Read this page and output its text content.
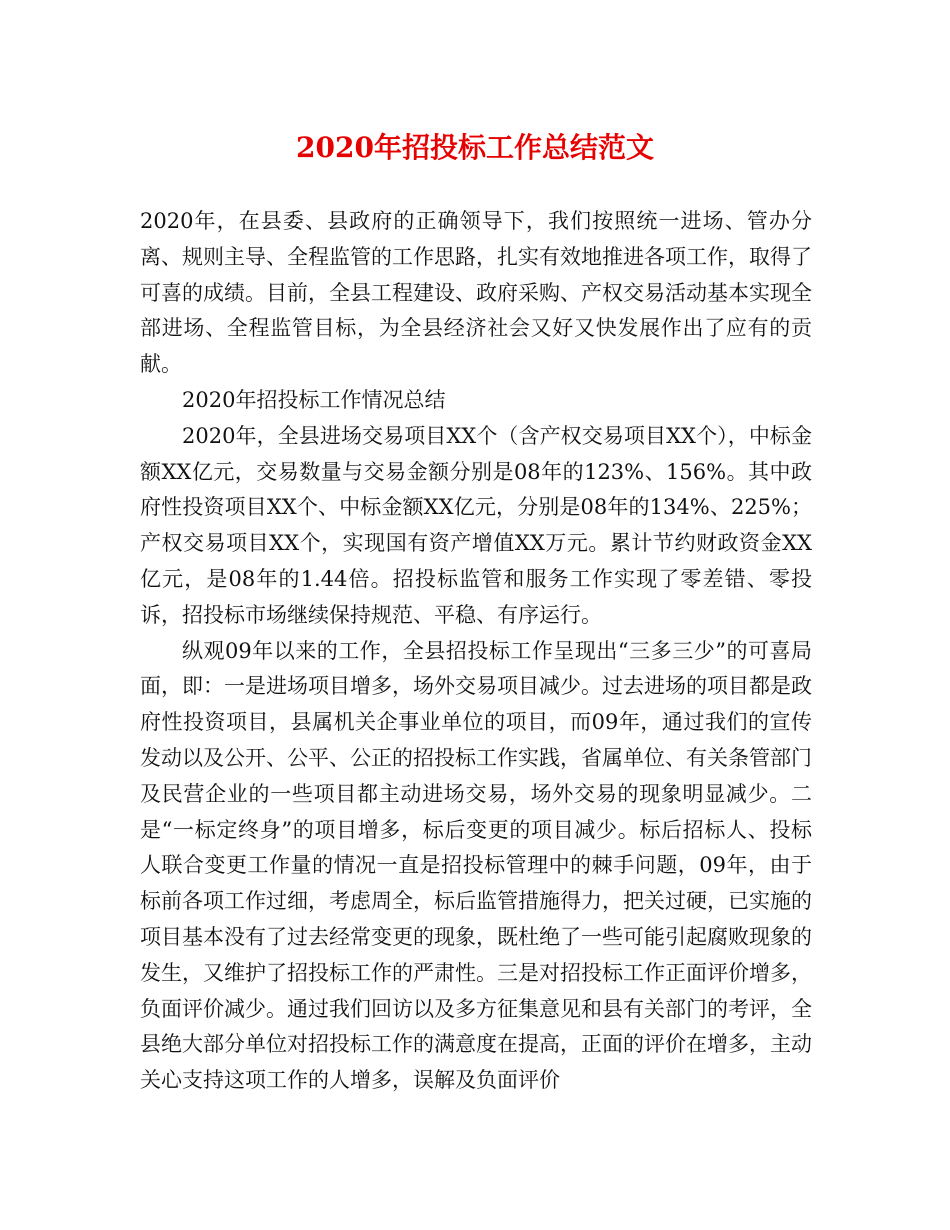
2020年招投标工作总结范文

2020年，在县委、县政府的正确领导下，我们按照统一进场、管办分离、规则主导、全程监管的工作思路，扎实有效地推进各项工作，取得了可喜的成绩。目前，全县工程建设、政府采购、产权交易活动基本实现全部进场、全程监管目标，为全县经济社会又好又快发展作出了应有的贡献。

2020年招投标工作情况总结

2020年，全县进场交易项目XX个（含产权交易项目XX个），中标金额XX亿元，交易数量与交易金额分别是08年的123%、156%。其中政府性投资项目XX个、中标金额XX亿元，分别是08年的134%、225%；产权交易项目XX个，实现国有资产增值XX万元。累计节约财政资金XX亿元，是08年的1.44倍。招投标监管和服务工作实现了零差错、零投诉，招投标市场继续保持规范、平稳、有序运行。

纵观09年以来的工作，全县招投标工作呈现出“三多三少”的可喜局面，即：一是进场项目增多，场外交易项目减少。过去进场的项目都是政府性投资项目，县属机关企事业单位的项目，而09年，通过我们的宣传发动以及公开、公平、公正的招投标工作实践，省属单位、有关条管部门及民营企业的一些项目都主动进场交易，场外交易的现象明显减少。二是“一标定终身”的项目增多，标后变更的项目减少。标后招标人、投标人联合变更工作量的情况一直是招投标管理中的棘手问题，09年，由于标前各项工作过细，考虑周全，标后监管措施得力，把关过硬，已实施的项目基本没有了过去经常变更的现象，既杜绝了一些可能引起腐败现象的发生，又维护了招投标工作的严肃性。三是对招投标工作正面评价增多，负面评价减少。通过我们回访以及多方征集意见和县有关部门的考评，全县绝大部分单位对招投标工作的满意度在提高，正面的评价在增多，主动关心支持这项工作的人增多，误解及负面评价
